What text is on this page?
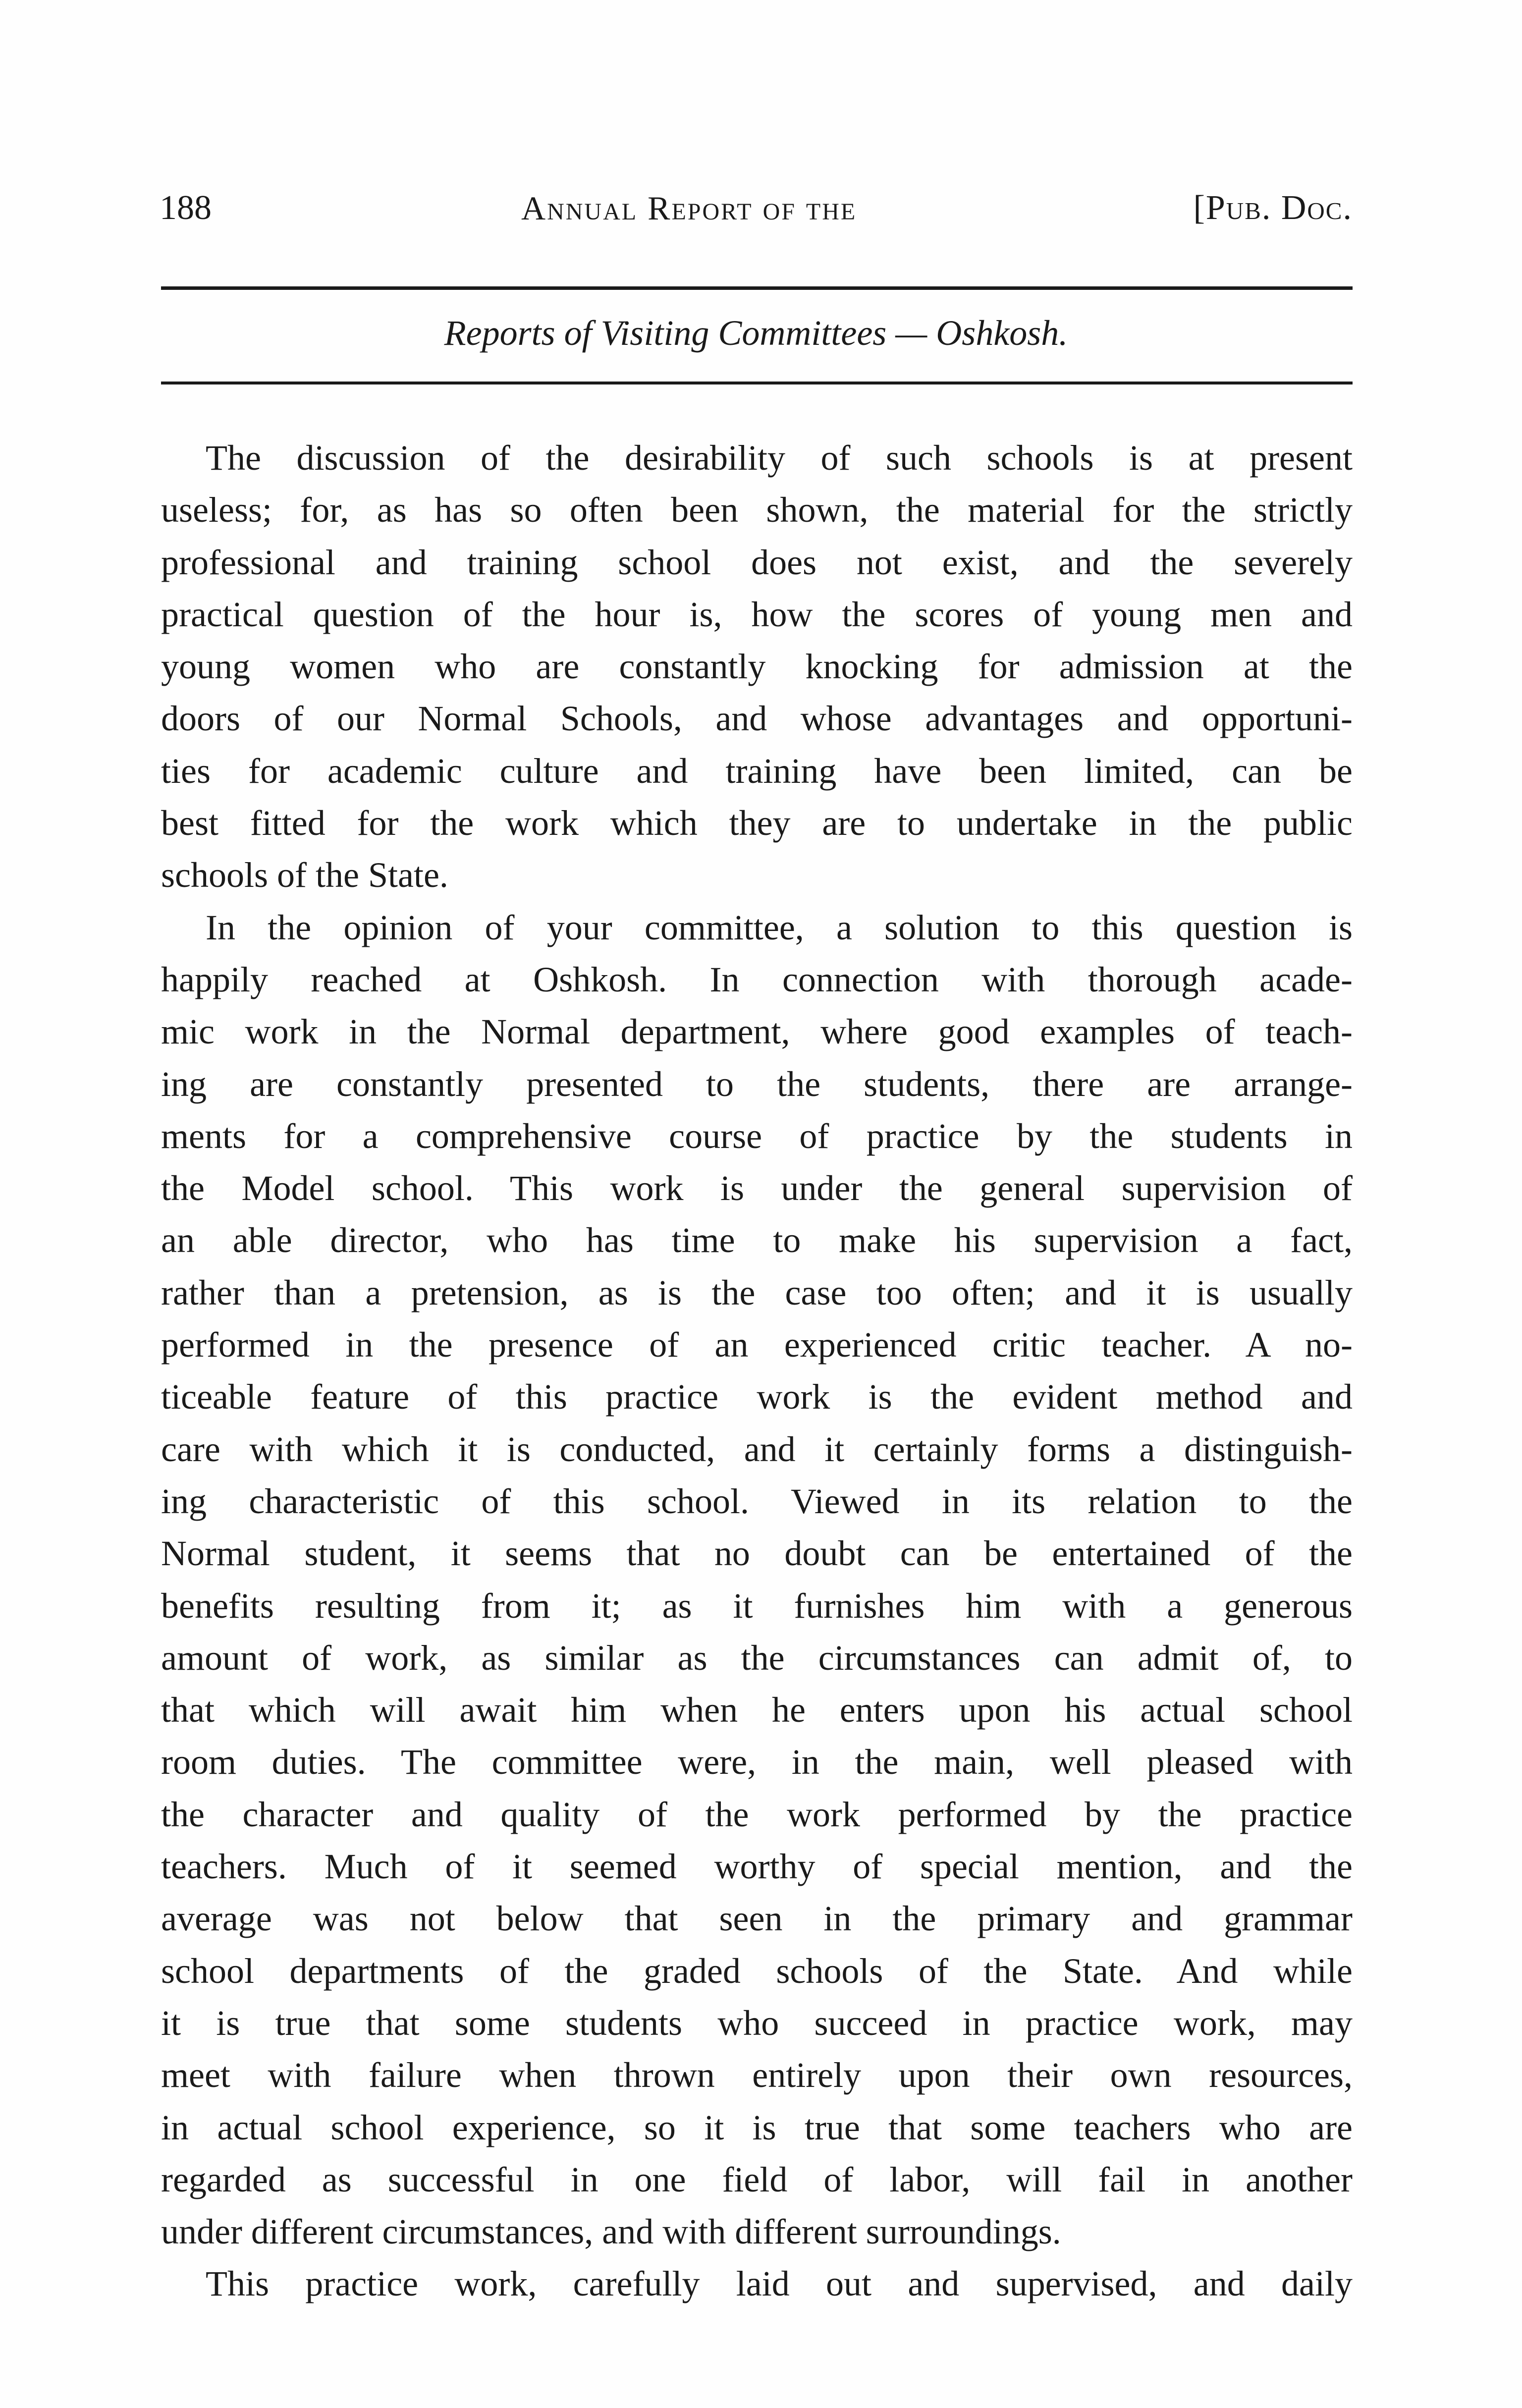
188	Annual Report of the	[Pub. Doc.
Reports of Visiting Committees — Oshkosh.
The discussion of the desirability of such schools is at present
useless; for, as has so often been shown, the material for the strictly
professional and training school does not exist, and the severely
practical question of the hour is, how the scores of young men and
young women who are constantly knocking for admission at the
doors of our Normal Schools, and whose advantages and opportuni-
ties for academic culture and training have been limited, can be
best fitted for the work which they are to undertake in the public
schools of the State.
In the opinion of your committee, a solution to this question is
happily reached at Oshkosh. In connection with thorough acade-
mic work in the Normal department, where good examples of teach-
ing are constantly presented to the students, there are arrange-
ments for a comprehensive course of practice by the students in
the Model school. This work is under the general supervision of
an able director, who has time to make his supervision a fact,
rather than a pretension, as is the case too often; and it is usually
performed in the presence of an experienced critic teacher. A no-
ticeable feature of this practice work is the evident method and
care with which it is conducted, and it certainly forms a distinguish-
ing characteristic of this school. Viewed in its relation to the
Normal student, it seems that no doubt can be entertained of the
benefits resulting from it; as it furnishes him with a generous
amount of work, as similar as the circumstances can admit of, to
that which will await him when he enters upon his actual school
room duties. The committee were, in the main, well pleased with
the character and quality of the work performed by the practice
teachers. Much of it seemed worthy of special mention, and the
average was not below that seen in the primary and grammar
school departments of the graded schools of the State. And while
it is true that some students who succeed in practice work, may
meet with failure when thrown entirely upon their own resources,
in actual school experience, so it is true that some teachers who are
regarded as successful in one field of labor, will fail in another
under different circumstances, and with different surroundings.
This practice work, carefully laid out and supervised, and daily
